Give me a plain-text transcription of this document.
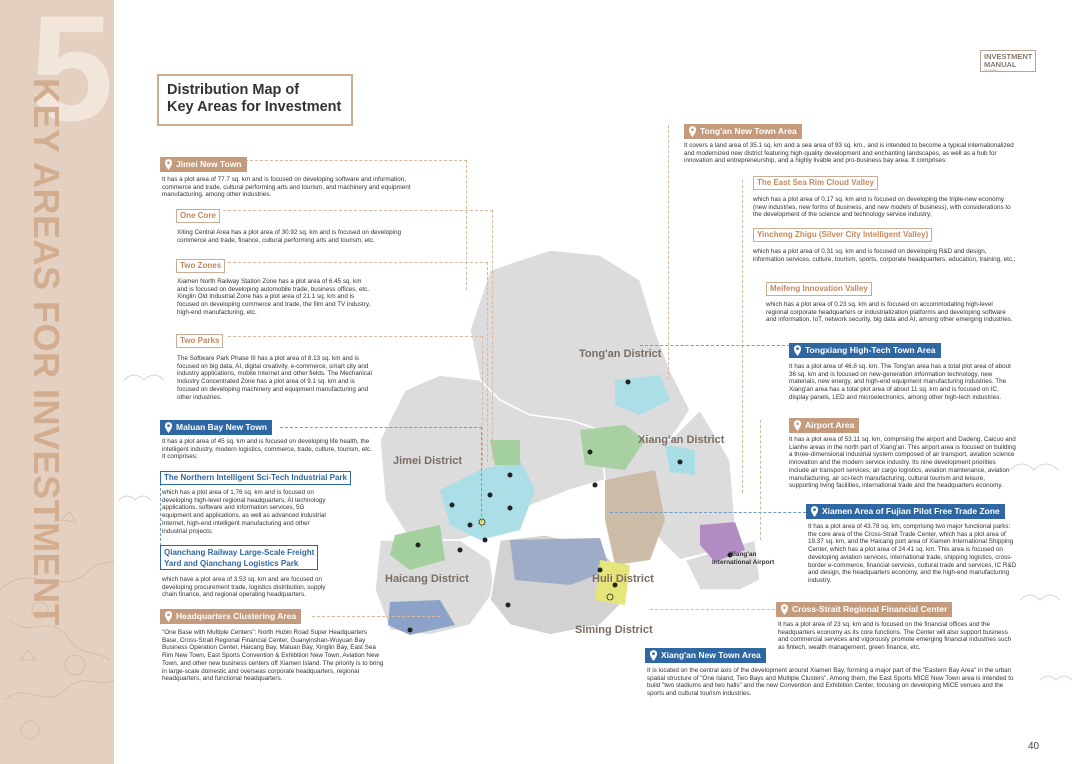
5
KEY AREAS FOR INVESTMENT	Distribution Map of
Key Areas for Investment
INVESTMENT
MANUAL
XIAMEN
Tong'an District
Xiang'an District
Jimei District
Haicang District	Huli District
Siming District
Xiang'an
International Airport
Jimei New Town
It has a plot area of 77.7 sq. km and is focused on developing software and information, commerce and trade, cultural performing arts and tourism, and machinery and equipment manufacturing, among other industries.
One Core
Xiting Central Area has a plot area of 30.92 sq. km and is focused on developing commerce and trade, finance, cultural performing arts and tourism, etc.
Two Zones
Xiamen North Railway Station Zone has a plot area of 6.45 sq. km and is focused on developing automobile trade, business offices, etc. Xinglin Old Industrial Zone has a plot area of 21.1 sq. km and is focused on developing commerce and trade, the film and TV industry, high-end manufacturing, etc.
Two Parks
The Software Park Phase III has a plot area of 8.13 sq. km and is focused on big data, AI, digital creativity, e-commerce, smart city and industry applications, mobile Internet and other fields. The Mechanical Industry Concentrated Zone has a plot area of 9.1 sq. km and is focused on developing machinery and equipment manufacturing and other industries.
Maluan Bay New Town
It has a plot area of 45 sq. km and is focused on developing life health, the intelligent industry, modern logistics, commerce, trade, culture, tourism, etc. It comprises:
The Northern Intelligent Sci-Tech Industrial Park
which has a plot area of 1.76 sq. km and is focused on developing high-level regional headquarters, AI technology applications, software and information services, 5G equipment and applications, as well as advanced industrial Internet, high-end intelligent manufacturing and other industrial projects;
Qianchang Railway Large-Scale Freight
Yard and Qianchang Logistics Park
which have a plot area of 3.53 sq. km and are focused on developing procurement trade, logistics distribution, supply chain finance, and regional operating headquarters.
Headquarters Clustering Area
"One Base with Multiple Centers": North Hubin Road Super Headquarters Base, Cross-Strait Regional Financial Center, Guanyinshan-Wuyuan Bay Business Operation Center, Haicang Bay, Maluan Bay, Xinglin Bay, East Sea Rim New Town, East Sports Convention & Exhibition New Town, Aviation New Town, and other new business centers off Xiamen Island. The priority is to bring in large-scale domestic and overseas corporate headquarters, regional headquarters, and functional headquarters.
Tong'an New Town Area
It covers a land area of 35.1 sq. km and a sea area of 93 sq. km., and is intended to become a typical internationalized and modernized new district featuring high-quality development and enchanting landscapes, as well as a hub for innovation and entrepreneurship, and a highly livable and pro-business bay area. It comprises:
The East Sea Rim Cloud Valley
which has a plot area of 0.17 sq. km and is focused on developing the triple-new economy (new industries, new forms of business, and new models of business), with considerations to the development of the science and technology service industry;
Yincheng Zhigu (Silver City Intelligent Valley)
which has a plot area of 0.31 sq. km and is focused on developing R&D and design, information services, culture, tourism, sports, corporate headquarters, education, training, etc.;
Meifeng Innovation Valley
which has a plot area of 0.23 sq. km and is focused on accommodating high-level regional corporate headquarters or industrialization platforms and developing software and information, IoT, network security, big data and AI, among other emerging industries.
Tongxiang High-Tech Town Area
It has a plot area of 46.8 sq. km. The Tong'an area has a total plot area of about 36 sq. km and is focused on new-generation information technology, new materials, new energy, and high-end equipment manufacturing industries. The Xiang'an area has a total plot area of about 11 sq. km and is focused on IC, display panels, LED and microelectronics, among other high-tech industries.
Airport Area
It has a plot area of 53.11 sq. km, comprising the airport and Dadeng, Caicuo and Lianhe areas in the north part of Xiang'an. This airport area is focused on building a three-dimensional industrial system composed of air transport, aviation science innovation and the modern service industry. Its nine development priorities include air transport services, air cargo logistics, aviation maintenance, aviation manufacturing, air sci-tech manufacturing, cultural tourism and leisure, supporting living facilities, international trade and the headquarters economy.
Xiamen Area of Fujian Pilot Free Trade Zone
It has a plot area of 43.78 sq. km, comprising two major functional parks: the core area of the Cross-Strait Trade Center, which has a plot area of 19.37 sq. km, and the Haicang port area of Xiamen International Shipping Center, which has a plot area of 24.41 sq. km. This area is focused on developing aviation services, international trade, shipping logistics, cross-border e-commerce, financial services, cultural trade and services, IC R&D and design, the headquarters economy, and the high-end manufacturing industry.
Cross-Strait Regional Financial Center
It has a plot area of 23 sq. km and is focused on the financial offices and the headquarters economy as its core functions. The Center will also support business and commercial services and vigorously promote emerging financial industries such as fintech, wealth management, green finance, etc.
Xiang'an New Town Area
It is located on the central axis of the development around Xiamen Bay, forming a major part of the "Eastern Bay Area" in the urban spatial structure of "One Island, Two Bays and Multiple Clusters". Among them, the East Sports MICE New Town area is intended to build "two stadiums and two halls" and the new Convention and Exhibition Center, focusing on developing MICE venues and the sports and cultural tourism industries.
40
